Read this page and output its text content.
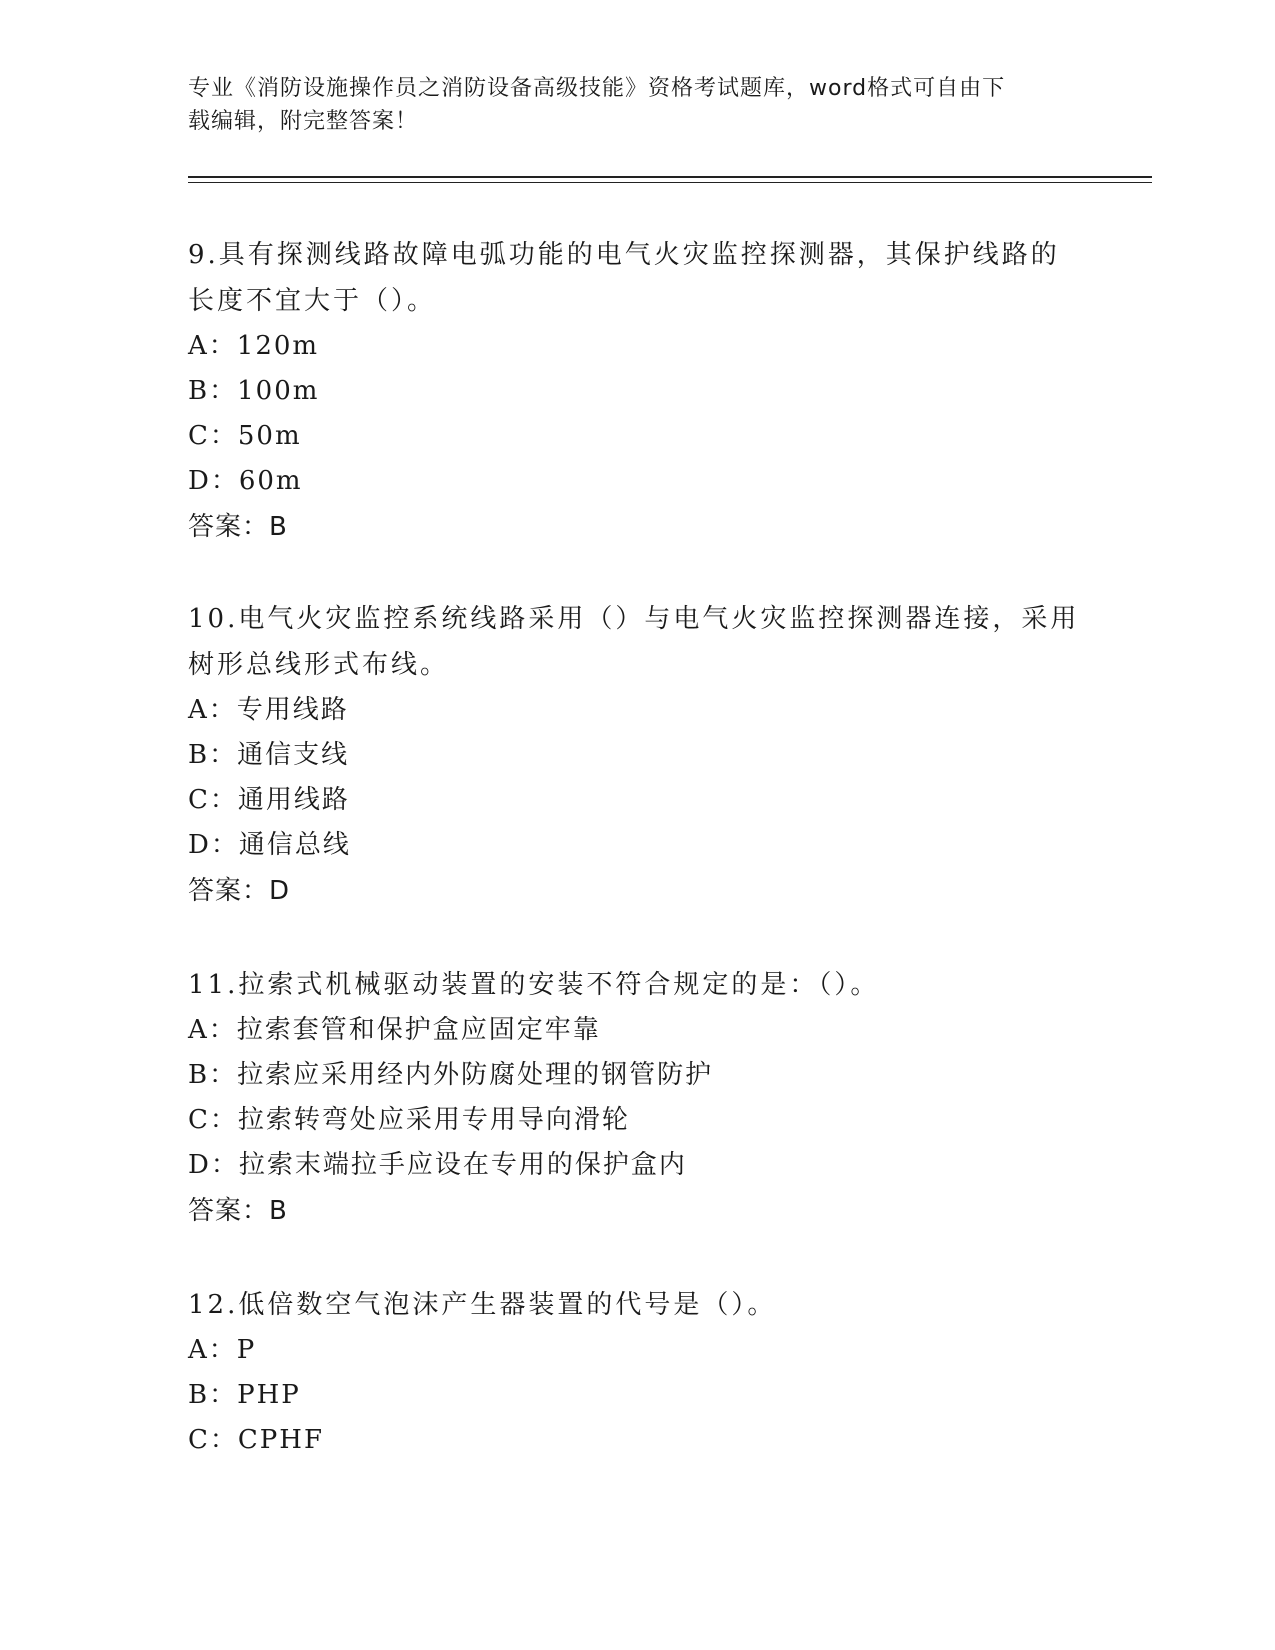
专业《消防设施操作员之消防设备高级技能》资格考试题库，word格式可自由下
载编辑，附完整答案！
9.具有探测线路故障电弧功能的电气火灾监控探测器，其保护线路的
长度不宜大于（）。
A：120m
B：100m
C：50m
D：60m
答案：B
10.电气火灾监控系统线路采用（）与电气火灾监控探测器连接，采用
树形总线形式布线。
A：专用线路
B：通信支线
C：通用线路
D：通信总线
答案：D
11.拉索式机械驱动装置的安装不符合规定的是：（）。
A：拉索套管和保护盒应固定牢靠
B：拉索应采用经内外防腐处理的钢管防护
C：拉索转弯处应采用专用导向滑轮
D：拉索末端拉手应设在专用的保护盒内
答案：B
12.低倍数空气泡沫产生器装置的代号是（）。
A：P
B：PHP
C：CPHF
